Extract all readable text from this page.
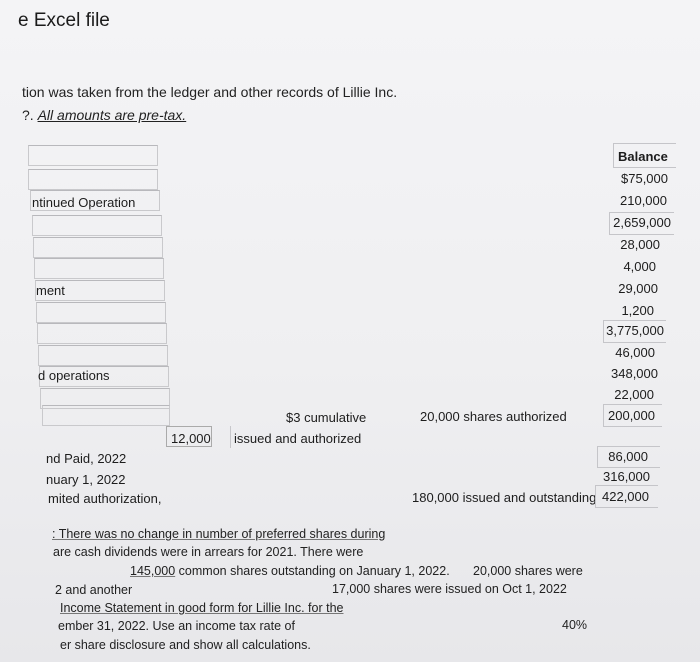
e Excel file
tion was taken from the ledger and other records of Lillie Inc.
?. All amounts are pre-tax.
ntinued Operation
ment
d operations
nd Paid, 2022
nuary 1, 2022
mited authorization,
12,000
$3 cumulative
issued and authorized
20,000 shares authorized
180,000 issued and outstanding
Balance
$75,000
210,000
2,659,000
28,000
4,000
29,000
1,200
3,775,000
46,000
348,000
22,000
200,000
86,000
316,000
422,000
: There was no change in number of preferred shares during
are cash dividends were in arrears for 2021. There were
145,000 common shares outstanding on January 1, 2022. 20,000 shares were
2 and another	17,000 shares were issued on Oct 1, 2022
Income Statement in good form for Lillie Inc. for the
ember 31, 2022. Use an income tax rate of	40%
er share disclosure and show all calculations.
